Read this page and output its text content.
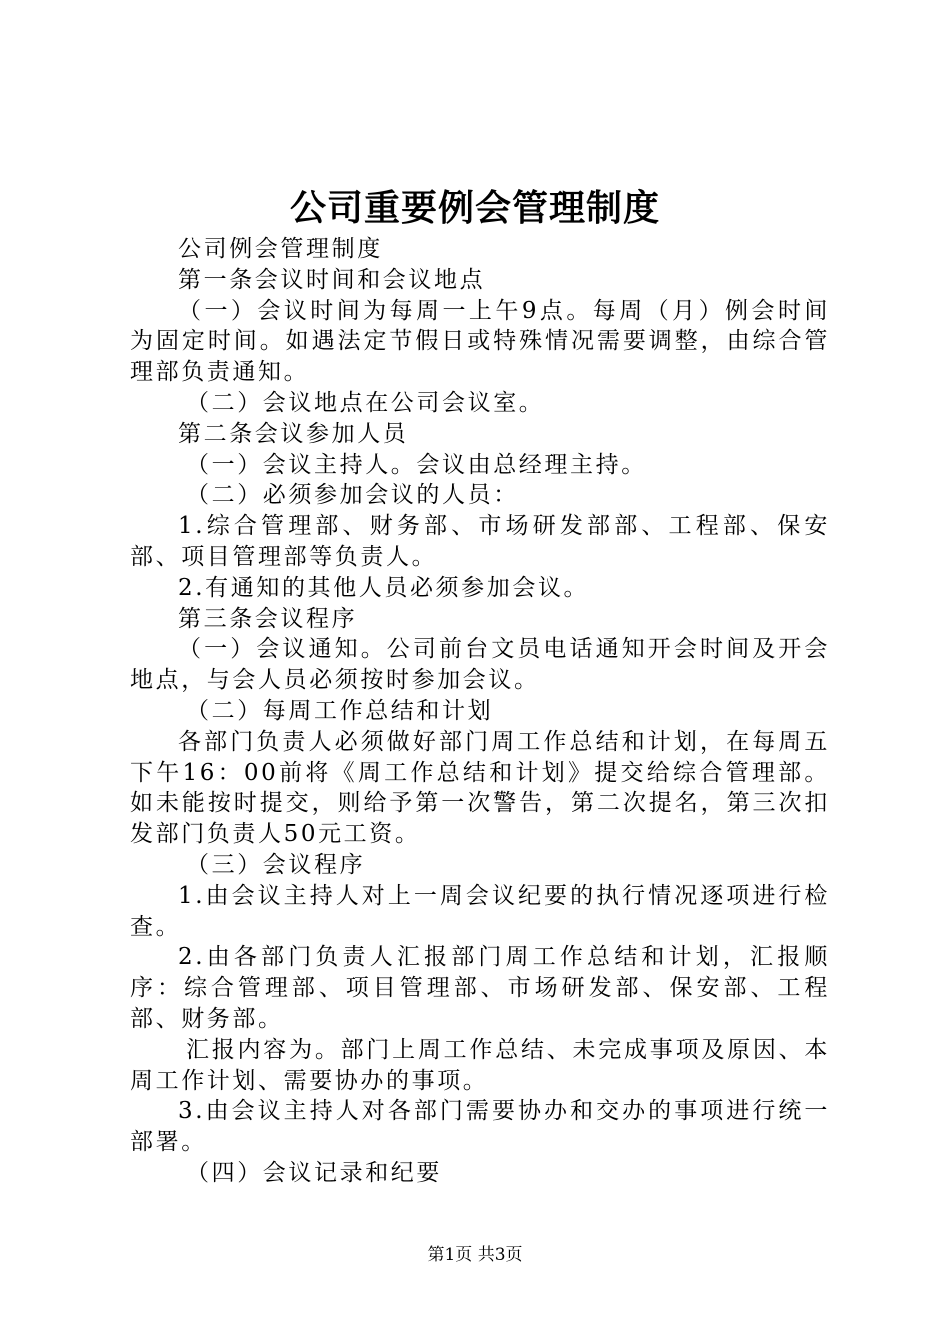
公司重要例会管理制度

公司例会管理制度

第一条会议时间和会议地点

（一）会议时间为每周一上午9点。每周（月）例会时间为固定时间。如遇法定节假日或特殊情况需要调整，由综合管理部负责通知。

（二）会议地点在公司会议室。

第二条会议参加人员

（一）会议主持人。会议由总经理主持。

（二）必须参加会议的人员：

1.综合管理部、财务部、市场研发部部、工程部、保安部、项目管理部等负责人。

2.有通知的其他人员必须参加会议。

第三条会议程序

（一）会议通知。公司前台文员电话通知开会时间及开会地点，与会人员必须按时参加会议。

（二）每周工作总结和计划

各部门负责人必须做好部门周工作总结和计划，在每周五下午16：00前将《周工作总结和计划》提交给综合管理部。如未能按时提交，则给予第一次警告，第二次提名，第三次扣发部门负责人50元工资。

（三）会议程序

1.由会议主持人对上一周会议纪要的执行情况逐项进行检查。

2.由各部门负责人汇报部门周工作总结和计划，汇报顺序：综合管理部、项目管理部、市场研发部、保安部、工程部、财务部。

汇报内容为。部门上周工作总结、未完成事项及原因、本周工作计划、需要协办的事项。

3.由会议主持人对各部门需要协办和交办的事项进行统一部署。

（四）会议记录和纪要

第1页 共3页
